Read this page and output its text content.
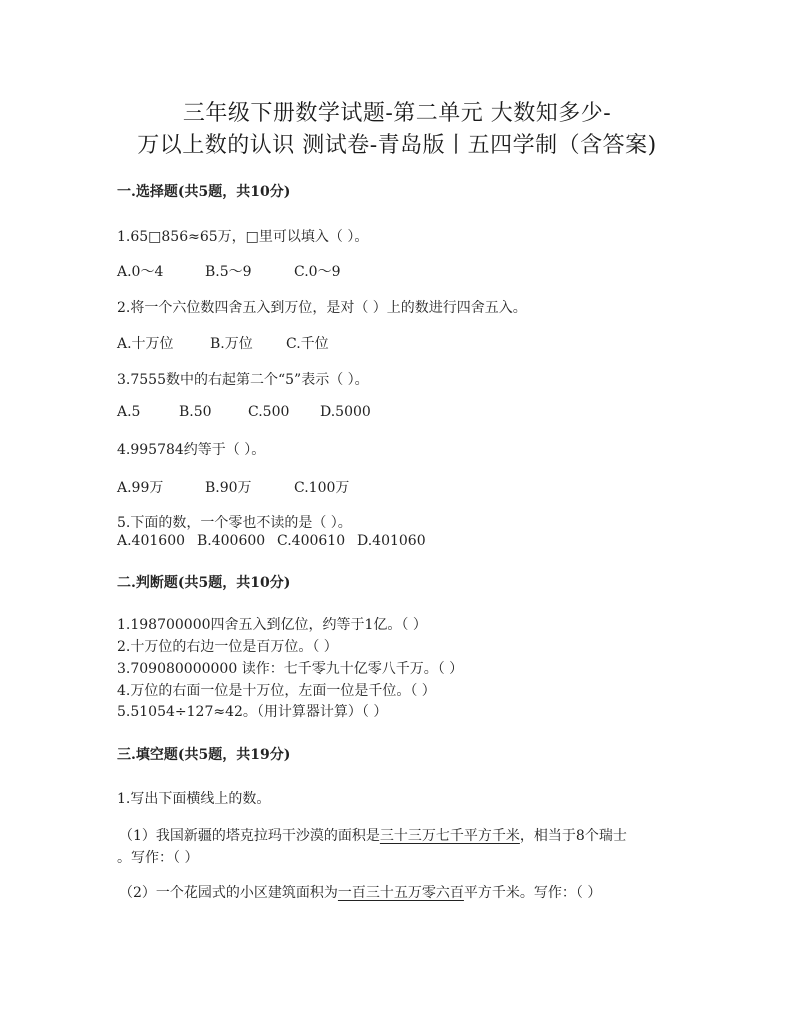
三年级下册数学试题-第二单元 大数知多少-
万以上数的认识 测试卷-青岛版丨五四学制（含答案)
一.选择题(共5题，共10分)
1.65□856≈65万，□里可以填入（ ）。
A.0～4	B.5～9	C.0～9
2.将一个六位数四舍五入到万位，是对（ ）上的数进行四舍五入。
A.十万位	B.万位 C.千位
3.7555数中的右起第二个“5”表示（ ）。
A.5	B.50	C.500 D.5000
4.995784约等于（ ）。
A.99万	B.90万	C.100万
5.下面的数，一个零也不读的是（ ）。
A.401600 B.400600 C.400610 D.401060
二.判断题(共5题，共10分)
1.198700000四舍五入到亿位，约等于1亿。（ ）
2.十万位的右边一位是百万位。（ ）
3.709080000000 读作：七千零九十亿零八千万。（ ）
4.万位的右面一位是十万位，左面一位是千位。（ ）
5.51054÷127≈42。（用计算器计算）（ ）
三.填空题(共5题，共19分)
1.写出下面横线上的数。
（1）我国新疆的塔克拉玛干沙漠的面积是三十三万七千平方千米，相当于8个瑞士
。写作：（ ）
（2）一个花园式的小区建筑面积为一百三十五万零六百平方千米。写作：（ ）
